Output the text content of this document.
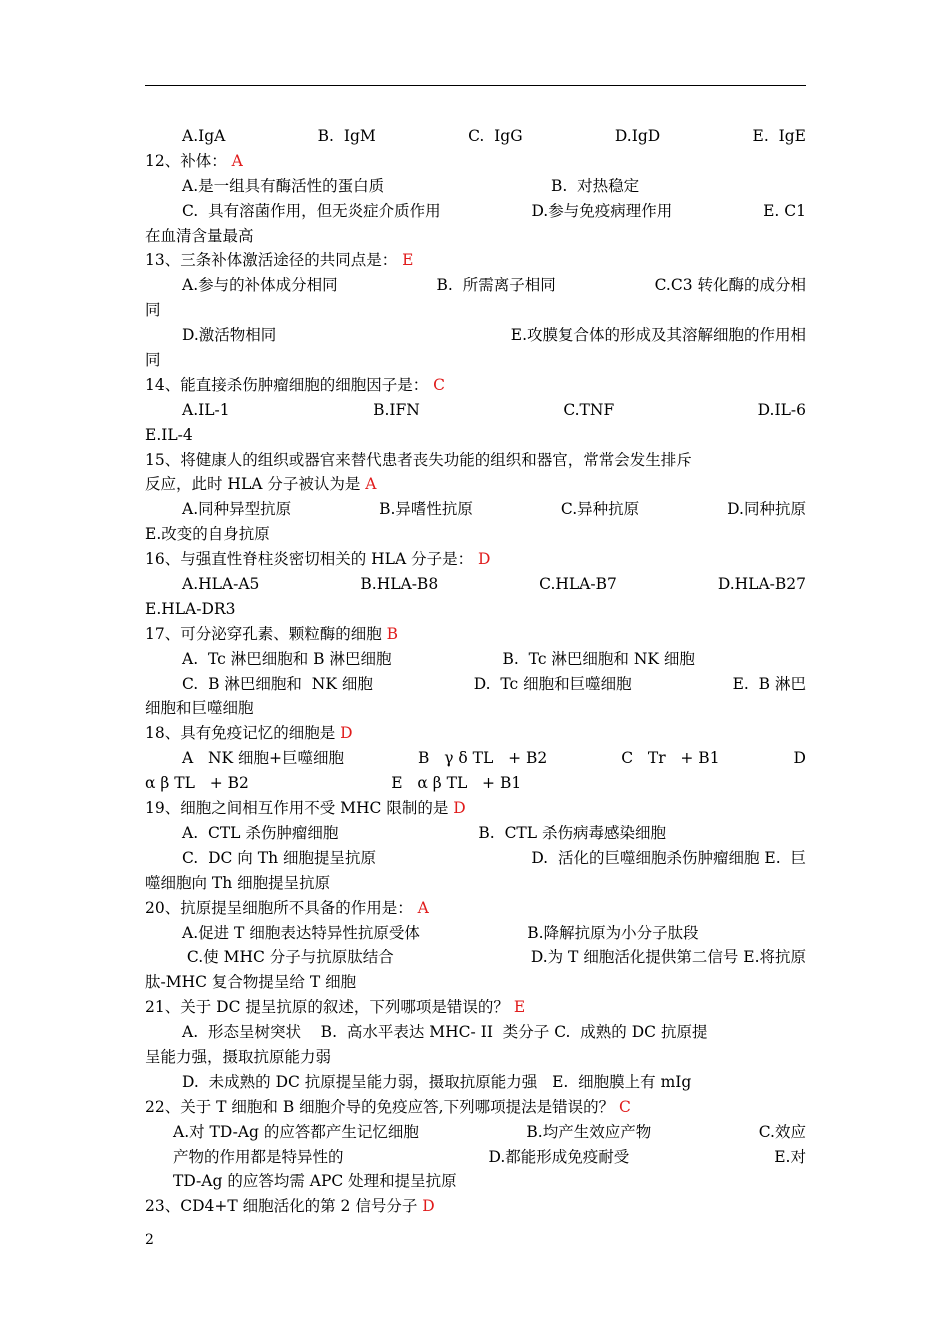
A.IgA	B.  IgM	C.  IgG	D.IgD	E.  IgE
12、补体： A
A.是一组具有酶活性的蛋白质	B.  对热稳定
C.  具有溶菌作用，但无炎症介质作用	D.参与免疫病理作用	E. C1
在血清含量最高
13、三条补体激活途径的共同点是： E
A.参与的补体成分相同	B.  所需离子相同	C.C3 转化酶的成分相
同
D.激活物相同	E.攻膜复合体的形成及其溶解细胞的作用相
同
14、能直接杀伤肿瘤细胞的细胞因子是： C
A.IL-1	B.IFN	C.TNF	D.IL-6
E.IL-4
15、将健康人的组织或器官来替代患者丧失功能的组织和器官，常常会发生排斥
反应，此时 HLA 分子被认为是 A
A.同种异型抗原	B.异嗜性抗原	C.异种抗原	D.同种抗原
E.改变的自身抗原
16、与强直性脊柱炎密切相关的 HLA 分子是： D
A.HLA-A5	B.HLA-B8	C.HLA-B7	D.HLA-B27
E.HLA-DR3
17、可分泌穿孔素、颗粒酶的细胞 B
A.  Tc 淋巴细胞和 B 淋巴细胞	B.  Tc 淋巴细胞和 NK 细胞
C.  B 淋巴细胞和  NK 细胞	D.  Tc 细胞和巨噬细胞	E.  B 淋巴
细胞和巨噬细胞
18、具有免疫记忆的细胞是 D
A   NK 细胞+巨噬细胞	B   γ δ TL   + B2	C   Tr   + B1	D
α β TL   + B2	E   α β TL   + B1
19、细胞之间相互作用不受 MHC 限制的是 D
A.  CTL 杀伤肿瘤细胞	B.  CTL 杀伤病毒感染细胞
C.  DC 向 Th 细胞提呈抗原	D.  活化的巨噬细胞杀伤肿瘤细胞 E.  巨
噬细胞向 Th 细胞提呈抗原
20、抗原提呈细胞所不具备的作用是： A
A.促进 T 细胞表达特异性抗原受体	B.降解抗原为小分子肽段
C.使 MHC 分子与抗原肽结合	D.为 T 细胞活化提供第二信号 E.将抗原
肽-MHC 复合物提呈给 T 细胞
21、关于 DC 提呈抗原的叙述，下列哪项是错误的？ E
A.  形态呈树突状    B.  高水平表达 MHC- II  类分子 C.  成熟的 DC 抗原提
呈能力强，摄取抗原能力弱
D.  未成熟的 DC 抗原提呈能力弱，摄取抗原能力强   E.  细胞膜上有 mIg
22、关于 T 细胞和 B 细胞介导的免疫应答,下列哪项提法是错误的？ C
A.对 TD-Ag 的应答都产生记忆细胞	B.均产生效应产物	C.效应
产物的作用都是特异性的	D.都能形成免疫耐受	E.对
TD-Ag 的应答均需 APC 处理和提呈抗原
23、CD4+T 细胞活化的第 2 信号分子 D
2
